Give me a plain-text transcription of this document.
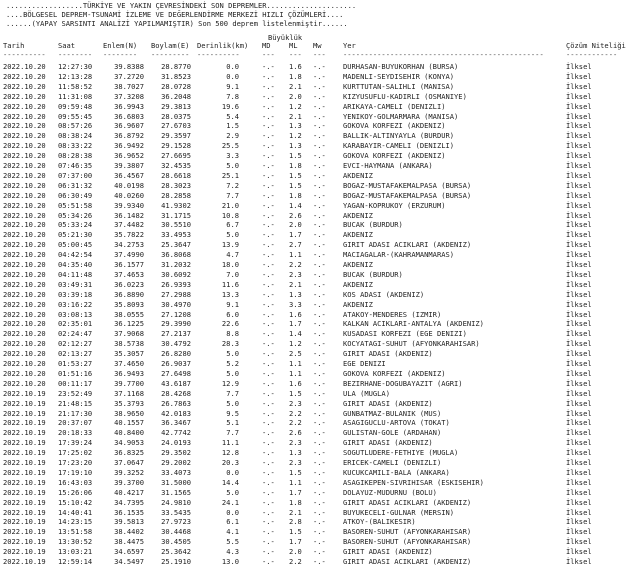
..................TÜRKİYE VE YAKIN ÇEVRESİNDEKİ SON DEPREMLER.....................
....BÖLGESEL DEPREM-TSUNAMİ İZLEME VE DEĞERLENDİRME MERKEZİ HIZLI ÇÖZÜMLERİ....
......(YAPAY SARSINTI ANALİZİ YAPILMAMIŞTIR) Son 500 deprem listelenmiştir......
Büyüklük
Tarih	Saat	Enlem(N) Boylam(E) Derinlik(km) MD	ML Mw	Yer	Çözüm Niteliği
---------- -------- -------- --------- ----------	--- --- --- -----------------------------------------------	------------
2022.10.20 12:27:30	39.8388	28.8770	0.0	-.- 1.6 -.- DURHASAN-BUYUKORHAN (BURSA)	İlksel
2022.10.20 12:13:28	37.2720	31.8523	0.0	-.- 1.8 -.- MADENLI-SEYDISEHIR (KONYA)	İlksel
2022.10.20 11:58:52	38.7027	28.0728	9.1	-.- 2.1 -.- KURTTUTAN-SALIHLI (MANISA)	İlksel
2022.10.20 11:31:08	37.3208	36.2048	7.8	-.- 2.0 -.- KIZYUSUFLU-KADIRLI (OSMANIYE)	İlksel
2022.10.20 09:59:48	36.9943	29.3813	19.6	-.- 1.2 -.- ARIKAYA-CAMELI (DENIZLI)	İlksel
2022.10.20 09:55:45	36.6803	28.0375	5.4	-.- 2.1 -.- YENIKOY-GOLMARMARA (MANISA)	İlksel
2022.10.20 08:57:26	36.9607	27.6703	1.5	-.- 1.3 -.- GOKOVA KORFEZI (AKDENIZ)	İlksel
2022.10.20 08:38:24	36.8792	29.3597	2.9	-.- 1.2 -.- BALLIK-ALTINYAYLA (BURDUR)	İlksel
2022.10.20 08:33:22	36.9492	29.1528	25.5	-.- 1.3 -.- KARABAYIR-CAMELI (DENIZLI)	İlksel
2022.10.20 08:28:38	36.9652	27.6695	3.3	-.- 1.5 -.- GOKOVA KORFEZI (AKDENIZ)	İlksel
2022.10.20 07:46:35	39.3807	32.4535	5.0	-.- 1.8 -.- EVCI-HAYMANA (ANKARA)	İlksel
2022.10.20 07:37:00	36.4567	28.6618	25.1	-.- 1.5 -.- AKDENIZ	İlksel
2022.10.20 06:31:32	40.0198	28.3023	7.2	-.- 1.5 -.- BOGAZ-MUSTAFAKEMALPASA (BURSA)	İlksel
2022.10.20 06:30:49	40.0260	28.2858	7.7	-.- 1.8 -.- BOGAZ-MUSTAFAKEMALPASA (BURSA)	İlksel
2022.10.20 05:51:58	39.9340	41.9302	21.0	-.- 1.4 -.- YAGAN-KOPRUKOY (ERZURUM)	İlksel
2022.10.20 05:34:26	36.1482	31.1715	10.8	-.- 2.6 -.- AKDENIZ	İlksel
2022.10.20 05:33:24	37.4482	30.5510	6.7	-.- 2.0 -.- BUCAK (BURDUR)	İlksel
2022.10.20 05:21:30	35.7822	33.4953	5.0	-.- 1.7 -.- AKDENIZ	İlksel
2022.10.20 05:00:45	34.2753	25.3647	13.9	-.- 2.7 -.- GIRIT ADASI ACIKLARI (AKDENIZ)	İlksel
2022.10.20 04:42:54	37.4990	36.8068	4.7	-.- 1.1 -.- MACIAGALAR-(KAHRAMANMARAS)	İlksel
2022.10.20 04:35:40	36.1577	31.2032	18.0	-.- 2.2 -.- AKDENIZ	İlksel
2022.10.20 04:11:48	37.4653	30.6092	7.0	-.- 2.3 -.- BUCAK (BURDUR)	İlksel
2022.10.20 03:49:31	36.0223	26.9393	11.6	-.- 2.1 -.- AKDENIZ	İlksel
2022.10.20 03:39:18	36.8890	27.2988	13.3	-.- 1.3 -.- KOS ADASI (AKDENIZ)	İlksel
2022.10.20 03:16:22	35.8093	30.4970	9.1	-.- 3.3 -.- AKDENIZ	İlksel
2022.10.20 03:08:13	38.0555	27.1208	6.0	-.- 1.6 -.- ATAKOY-MENDERES (IZMIR)	İlksel
2022.10.20 02:35:01	36.1225	29.3990	22.6	-.- 1.7 -.- KALKAN ACIKLARI-ANTALYA (AKDENIZ)	İlksel
2022.10.20 02:24:47	37.9068	27.2137	8.8	-.- 1.4 -.- KUSADASI KORFEZI (EGE DENIZI)	İlksel
2022.10.20 02:12:27	38.5738	30.4792	28.3	-.- 1.2 -.- KOCYATAGI-SUHUT (AFYONKARAHISAR)	İlksel
2022.10.20 02:13:27	35.3057	26.8280	5.0	-.- 2.5 -.- GIRIT ADASI (AKDENIZ)	İlksel
2022.10.20 01:53:27	37.4650	26.9037	5.2	-.- 1.1 -.- EGE DENIZI	İlksel
2022.10.20 01:51:16	36.9493	27.6498	5.0	-.- 1.1 -.- GOKOVA KORFEZI (AKDENIZ)	İlksel
2022.10.20 00:11:17	39.7700	43.6187	12.9	-.- 1.6 -.- BEZIRHANE-DOGUBAYAZIT (AGRI)	İlksel
2022.10.19 23:52:49	37.1168	28.4268	7.7	-.- 1.5 -.- ULA (MUGLA)	İlksel
2022.10.19 21:48:15	35.3793	26.7863	5.0	-.- 2.3 -.- GIRIT ADASI (AKDENIZ)	İlksel
2022.10.19 21:17:30	38.9650	42.0183	9.5	-.- 2.2 -.- GUNBATMAZ-BULANIK (MUS)	İlksel
2022.10.19 20:37:07	40.1557	36.3467	5.1	-.- 2.2 -.- ASAGIGUCLU-ARTOVA (TOKAT)	İlksel
2022.10.19 20:18:33	40.8400	42.7742	7.7	-.- 2.6 -.- GULISTAN-GOLE (ARDAHAN)	İlksel
2022.10.19 17:39:24	34.9053	24.0193	11.1	-.- 2.3 -.- GIRIT ADASI (AKDENIZ)	İlksel
2022.10.19 17:25:02	36.8325	29.3502	12.8	-.- 1.3 -.- SOGUTLUDERE-FETHIYE (MUGLA)	İlksel
2022.10.19 17:23:20	37.0647	29.2002	20.3	-.- 2.3 -.- ERICEK-CAMELI (DENIZLI)	İlksel
2022.10.19 17:19:10	39.3252	33.4073	0.0	-.- 1.5 -.- KUCUKCAMILI-BALA (ANKARA)	İlksel
2022.10.19 16:43:03	39.3700	31.5000	14.4	-.- 1.1 -.- ASAGIKEPEN-SIVRIHISAR (ESKISEHIR)	İlksel
2022.10.19 15:26:06	40.4217	31.1565	5.0	-.- 1.7 -.- DOLAYUZ-MUDURNU (BOLU)	İlksel
2022.10.19 15:10:42	34.7395	24.9810	24.1	-.- 1.8 -.- GIRIT ADASI ACIKLARI (AKDENIZ)	İlksel
2022.10.19 14:40:41	36.1535	33.5435	0.0	-.- 2.1 -.- BUYUKECELI-GULNAR (MERSIN)	İlksel
2022.10.19 14:23:15	39.5813	27.9723	6.1	-.- 2.8 -.- ATKOY-(BALIKESIR)	İlksel
2022.10.19 13:51:58	38.4402	30.4468	4.1	-.- 1.5 -.- BASOREN-SUHUT (AFYONKARAHISAR)	İlksel
2022.10.19 13:30:52	38.4475	30.4505	5.5	-.- 1.7 -.- BASOREN-SUHUT (AFYONKARAHISAR)	İlksel
2022.10.19 13:03:21	34.6597	25.3642	4.3	-.- 2.0 -.- GIRIT ADASI (AKDENIZ)	İlksel
2022.10.19 12:59:14	34.5497	25.1910	13.0	-.- 2.2 -.- GIRIT ADASI ACIKLARI (AKDENIZ)	İlksel
